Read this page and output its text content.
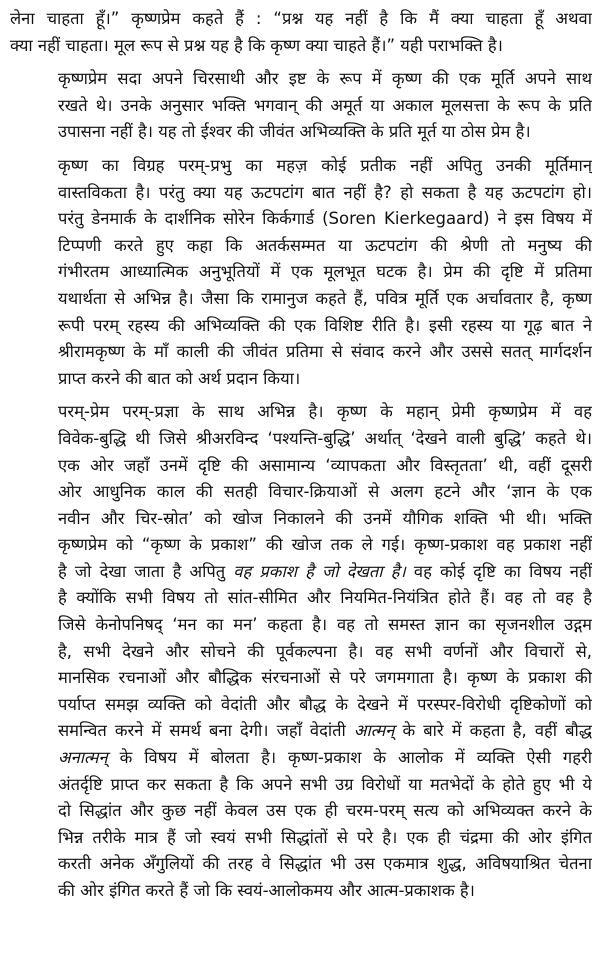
लेना चाहता हूँ।” कृष्णप्रेम कहते हैं : “प्रश्न यह नहीं है कि मैं क्या चाहता हूँ अथवा
क्या नहीं चाहता। मूल रूप से प्रश्न यह है कि कृष्ण क्या चाहते हैं।” यही पराभक्ति है।
कृष्णप्रेम सदा अपने चिरसाथी और इष्ट के रूप में कृष्ण की एक मूर्ति अपने साथ
रखते थे। उनके अनुसार भक्ति भगवान् की अमूर्त या अकाल मूलसत्ता के रूप के प्रति
उपासना नहीं है। यह तो ईश्वर की जीवंत अभिव्यक्ति के प्रति मूर्त या ठोस प्रेम है।
कृष्ण का विग्रह परम्-प्रभु का महज़ कोई प्रतीक नहीं अपितु उनकी मूर्तिमान्
वास्तविकता है। परंतु क्या यह ऊटपटांग बात नहीं है? हो सकता है यह ऊटपटांग हो।
परंतु डेनमार्क के दार्शनिक सोरेन किर्कगार्ड (Soren Kierkegaard) ने इस विषय में
टिप्पणी करते हुए कहा कि अतर्कसम्मत या ऊटपटांग की श्रेणी तो मनुष्य की
गंभीरतम आध्यात्मिक अनुभूतियों में एक मूलभूत घटक है। प्रेम की दृष्टि में प्रतिमा
यथार्थता से अभिन्न है। जैसा कि रामानुज कहते हैं, पवित्र मूर्ति एक अर्चावतार है, कृष्ण
रूपी परम् रहस्य की अभिव्यक्ति की एक विशिष्ट रीति है। इसी रहस्य या गूढ़ बात ने
श्रीरामकृष्ण के माँ काली की जीवंत प्रतिमा से संवाद करने और उससे सतत् मार्गदर्शन
प्राप्त करने की बात को अर्थ प्रदान किया।
परम्-प्रेम परम्-प्रज्ञा के साथ अभिन्न है। कृष्ण के महान् प्रेमी कृष्णप्रेम में वह
विवेक-बुद्धि थी जिसे श्रीअरविन्द ‘पश्यन्ति-बुद्धि’ अर्थात् ‘देखने वाली बुद्धि’ कहते थे।
एक ओर जहाँ उनमें दृष्टि की असामान्य ‘व्यापकता और विस्तृतता’ थी, वहीं दूसरी
ओर आधुनिक काल की सतही विचार-क्रियाओं से अलग हटने और ‘ज्ञान के एक
नवीन और चिर-स्रोत’ को खोज निकालने की उनमें यौगिक शक्ति भी थी। भक्ति
कृष्णप्रेम को “कृष्ण के प्रकाश” की खोज तक ले गई। कृष्ण-प्रकाश वह प्रकाश नहीं
है जो देखा जाता है अपितु वह प्रकाश है जो देखता है। वह कोई दृष्टि का विषय नहीं
है क्योंकि सभी विषय तो सांत-सीमित और नियमित-नियंत्रित होते हैं। वह तो वह है
जिसे केनोपनिषद् ‘मन का मन’ कहता है। वह तो समस्त ज्ञान का सृजनशील उद्गम
है, सभी देखने और सोचने की पूर्वकल्पना है। वह सभी वर्णनों और विचारों से,
मानसिक रचनाओं और बौद्धिक संरचनाओं से परे जगमगाता है। कृष्ण के प्रकाश की
पर्याप्त समझ व्यक्ति को वेदांती और बौद्ध के देखने में परस्पर-विरोधी दृष्टिकोणों को
समन्वित करने में समर्थ बना देगी। जहाँ वेदांती आत्मन् के बारे में कहता है, वहीं बौद्ध
अनात्मन् के विषय में बोलता है। कृष्ण-प्रकाश के आलोक में व्यक्ति ऐसी गहरी
अंतर्दृष्टि प्राप्त कर सकता है कि अपने सभी उग्र विरोधों या मतभेदों के होते हुए भी ये
दो सिद्धांत और कुछ नहीं केवल उस एक ही चरम-परम् सत्य को अभिव्यक्त करने के
भिन्न तरीके मात्र हैं जो स्वयं सभी सिद्धांतों से परे है। एक ही चंद्रमा की ओर इंगित
करती अनेक अँगुलियों की तरह वे सिद्धांत भी उस एकमात्र शुद्ध, अविषयाश्रित चेतना
की ओर इंगित करते हैं जो कि स्वयं-आलोकमय और आत्म-प्रकाशक है।
